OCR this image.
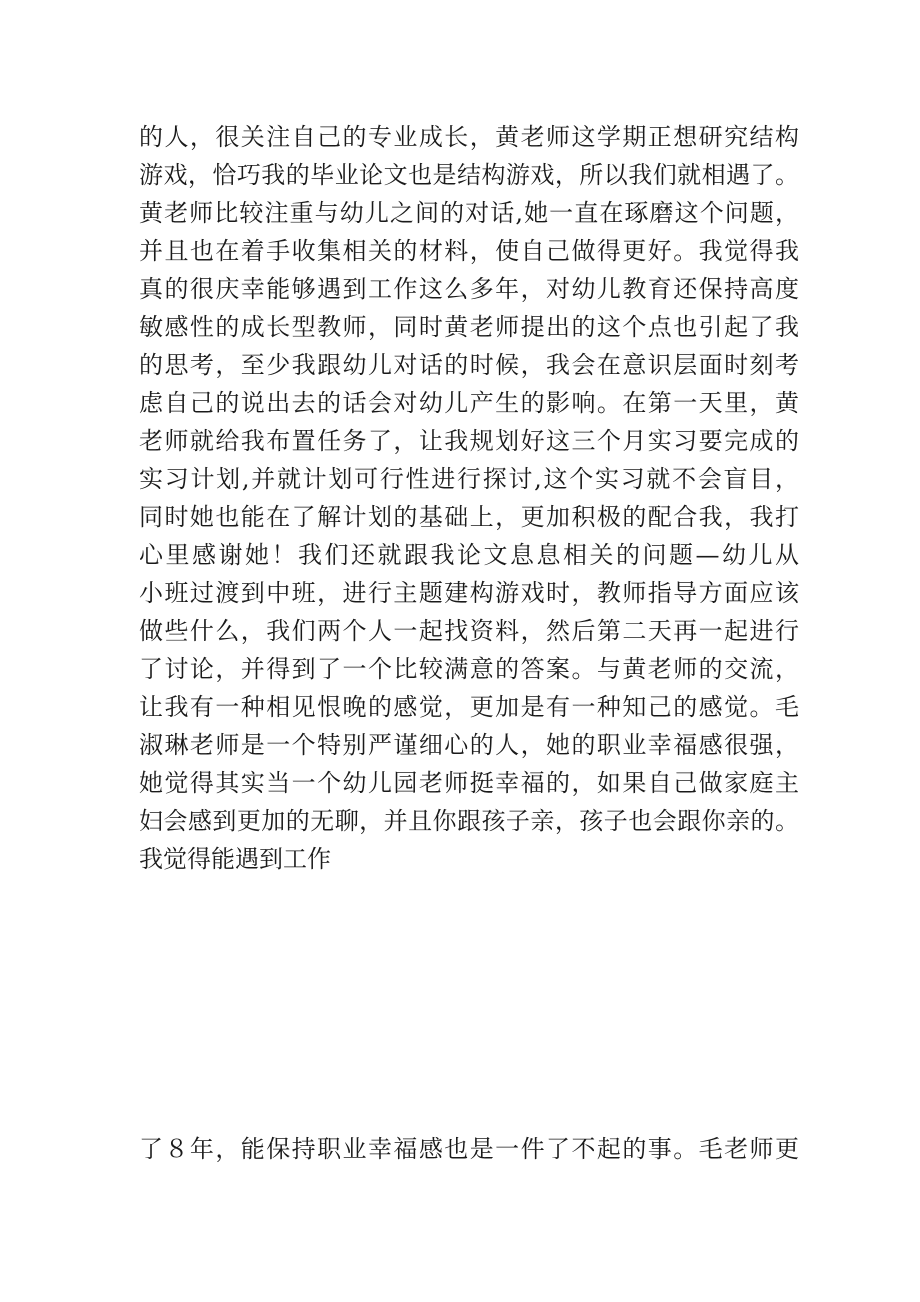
的人，很关注自己的专业成长，黄老师这学期正想研究结构
游戏，恰巧我的毕业论文也是结构游戏，所以我们就相遇了。
黄老师比较注重与幼儿之间的对话,她一直在琢磨这个问题，
并且也在着手收集相关的材料，使自己做得更好。我觉得我
真的很庆幸能够遇到工作这么多年，对幼儿教育还保持高度
敏感性的成长型教师，同时黄老师提出的这个点也引起了我
的思考，至少我跟幼儿对话的时候，我会在意识层面时刻考
虑自己的说出去的话会对幼儿产生的影响。在第一天里，黄
老师就给我布置任务了，让我规划好这三个月实习要完成的
实习计划,并就计划可行性进行探讨,这个实习就不会盲目，
同时她也能在了解计划的基础上，更加积极的配合我，我打
心里感谢她！我们还就跟我论文息息相关的问题—幼儿从
小班过渡到中班，进行主题建构游戏时，教师指导方面应该
做些什么，我们两个人一起找资料，然后第二天再一起进行
了讨论，并得到了一个比较满意的答案。与黄老师的交流，
让我有一种相见恨晚的感觉，更加是有一种知己的感觉。毛
淑琳老师是一个特别严谨细心的人，她的职业幸福感很强，
她觉得其实当一个幼儿园老师挺幸福的，如果自己做家庭主
妇会感到更加的无聊，并且你跟孩子亲，孩子也会跟你亲的。
我觉得能遇到工作
了８年，能保持职业幸福感也是一件了不起的事。毛老师更
